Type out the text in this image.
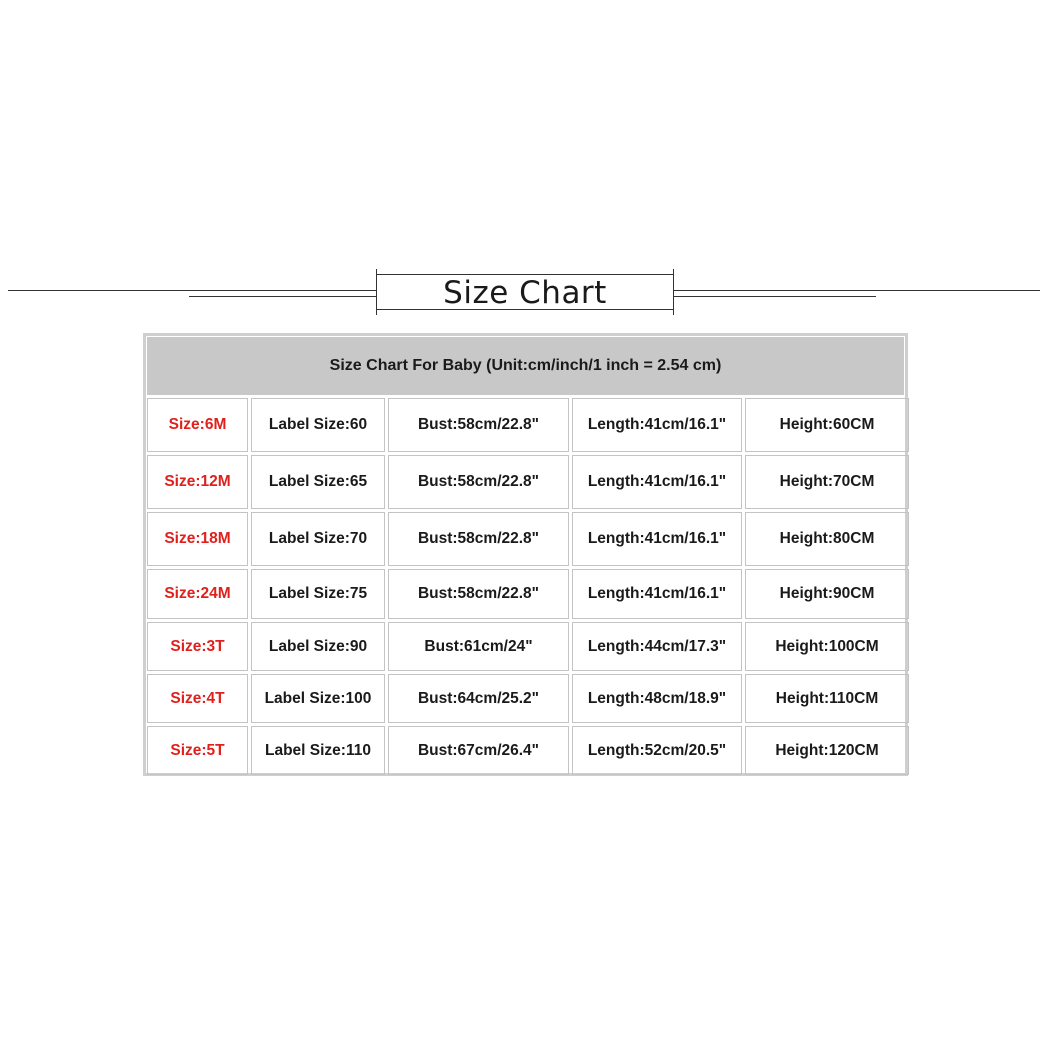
Size Chart
Size Chart For Baby (Unit:cm/inch/1 inch = 2.54 cm)
Size:6M	Label Size:60	Bust:58cm/22.8"	Length:41cm/16.1"	Height:60CM
Size:12M	Label Size:65	Bust:58cm/22.8"	Length:41cm/16.1"	Height:70CM
Size:18M	Label Size:70	Bust:58cm/22.8"	Length:41cm/16.1"	Height:80CM
Size:24M	Label Size:75	Bust:58cm/22.8"	Length:41cm/16.1"	Height:90CM
Size:3T	Label Size:90	Bust:61cm/24"	Length:44cm/17.3"	Height:100CM
Size:4T	Label Size:100	Bust:64cm/25.2"	Length:48cm/18.9"	Height:110CM
Size:5T	Label Size:110	Bust:67cm/26.4"	Length:52cm/20.5"	Height:120CM
